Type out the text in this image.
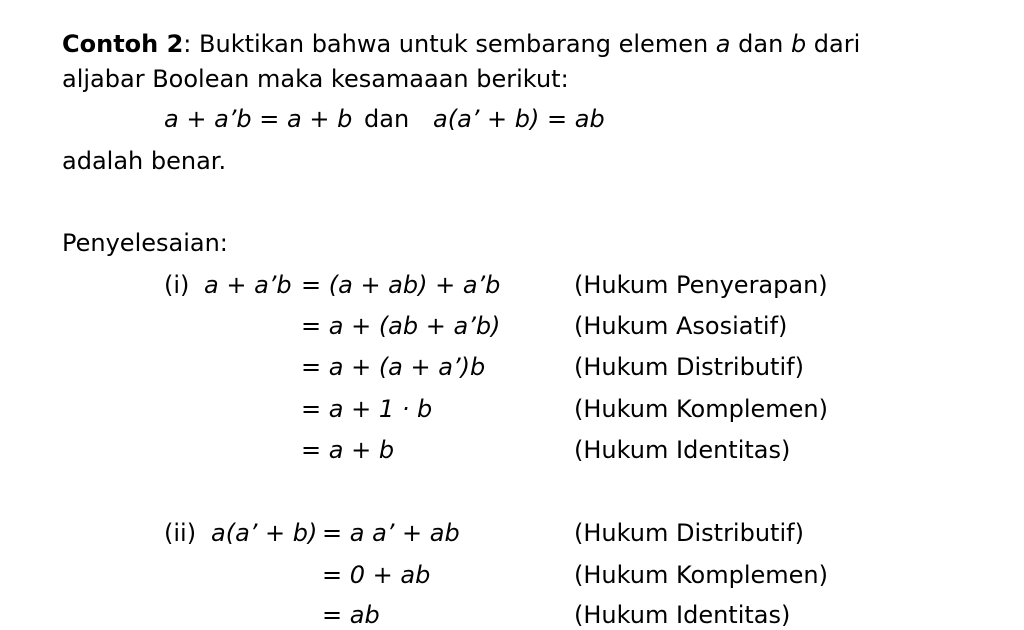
Contoh 2: Buktikan bahwa untuk sembarang elemen a dan b dari
aljabar Boolean maka kesamaaan berikut:
a + a’b = a + b dan a(a’ + b) = ab
adalah benar.
Penyelesaian:
(i) a + a’b = (a + ab) + a’b	(Hukum Penyerapan)
= a + (ab + a’b)	(Hukum Asosiatif)
= a + (a + a’)b	(Hukum Distributif)
= a + 1 · b	(Hukum Komplemen)
= a + b	(Hukum Identitas)
(ii) a(a’ + b) = a a’ + ab	(Hukum Distributif)
= 0 + ab	(Hukum Komplemen)
= ab	(Hukum Identitas)
